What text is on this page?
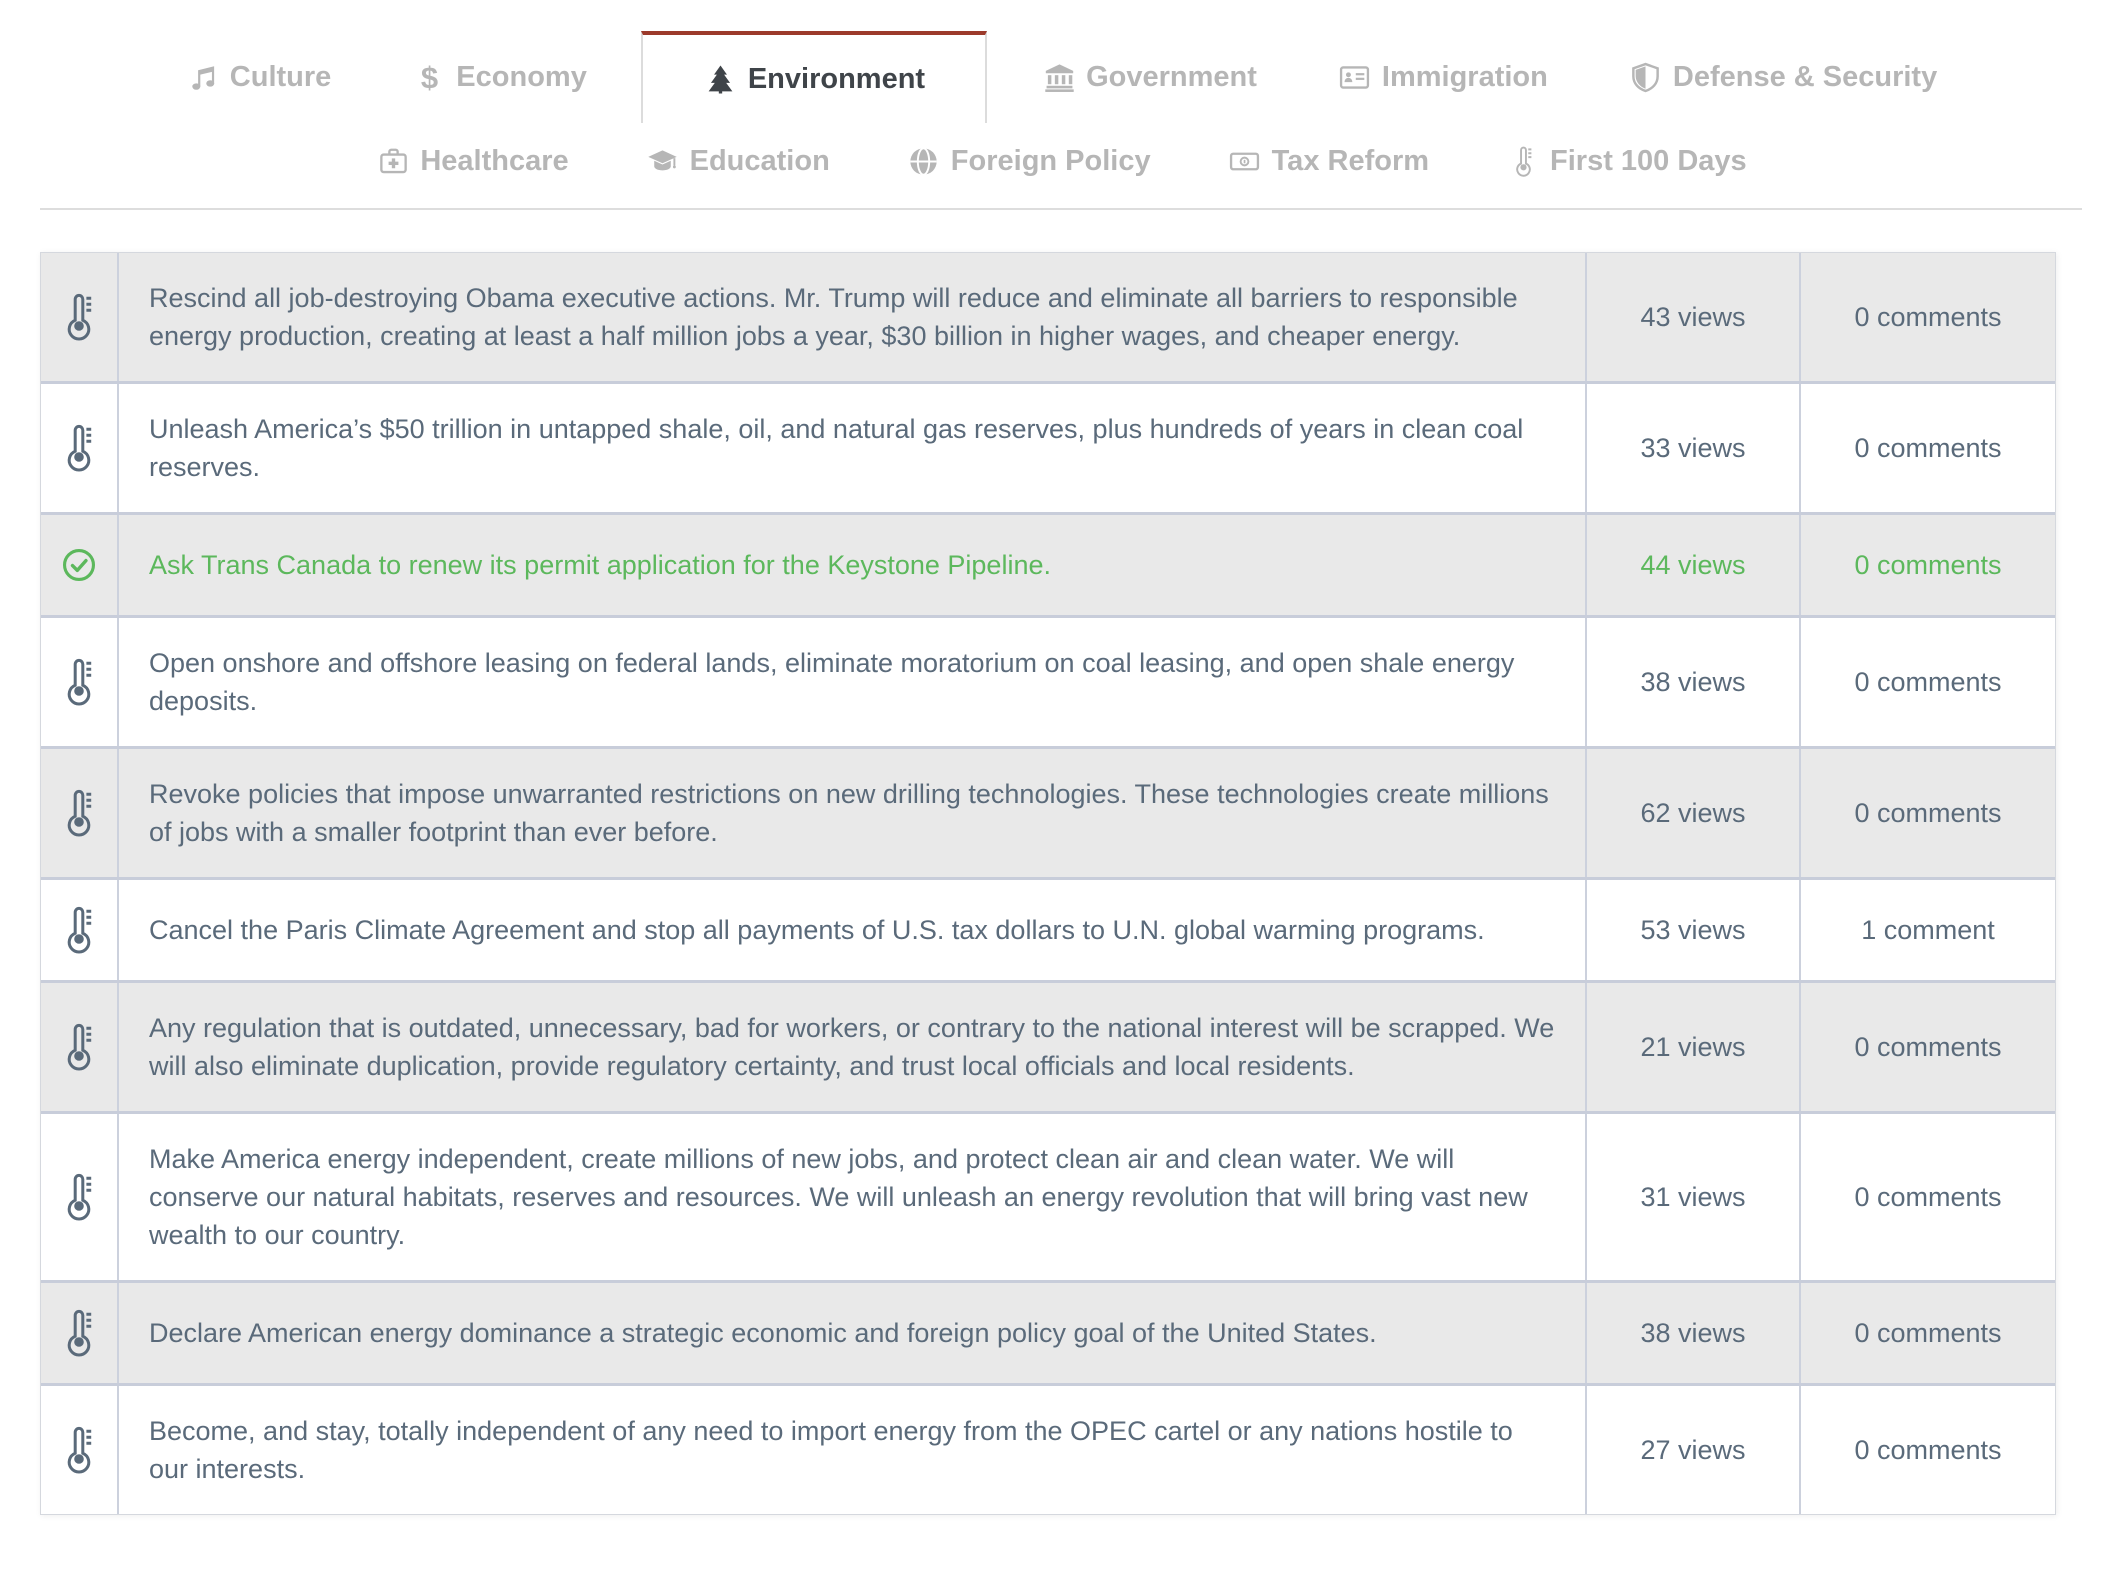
Culture	Economy	Environment	Government	Immigration	Defense & Security
Healthcare	Education	Foreign Policy	Tax Reform	First 100 Days
Rescind all job-destroying Obama executive actions. Mr. Trump will reduce and eliminate all barriers to responsible energy production, creating at least a half million jobs a year, $30 billion in higher wages, and cheaper energy.
43 views	0 comments
Unleash America’s $50 trillion in untapped shale, oil, and natural gas reserves, plus hundreds of years in clean coal reserves.
33 views	0 comments
Ask Trans Canada to renew its permit application for the Keystone Pipeline.	44 views	0 comments
Open onshore and offshore leasing on federal lands, eliminate moratorium on coal leasing, and open shale energy deposits.
38 views	0 comments
Revoke policies that impose unwarranted restrictions on new drilling technologies. These technologies create millions of jobs with a smaller footprint than ever before.
62 views	0 comments
Cancel the Paris Climate Agreement and stop all payments of U.S. tax dollars to U.N. global warming programs.	53 views	1 comment
Any regulation that is outdated, unnecessary, bad for workers, or contrary to the national interest will be scrapped. We will also eliminate duplication, provide regulatory certainty, and trust local officials and local residents.
21 views	0 comments
Make America energy independent, create millions of new jobs, and protect clean air and clean water. We will conserve our natural habitats, reserves and resources. We will unleash an energy revolution that will bring vast new wealth to our country.
31 views	0 comments
Declare American energy dominance a strategic economic and foreign policy goal of the United States.	38 views	0 comments
Become, and stay, totally independent of any need to import energy from the OPEC cartel or any nations hostile to our interests.
27 views	0 comments
